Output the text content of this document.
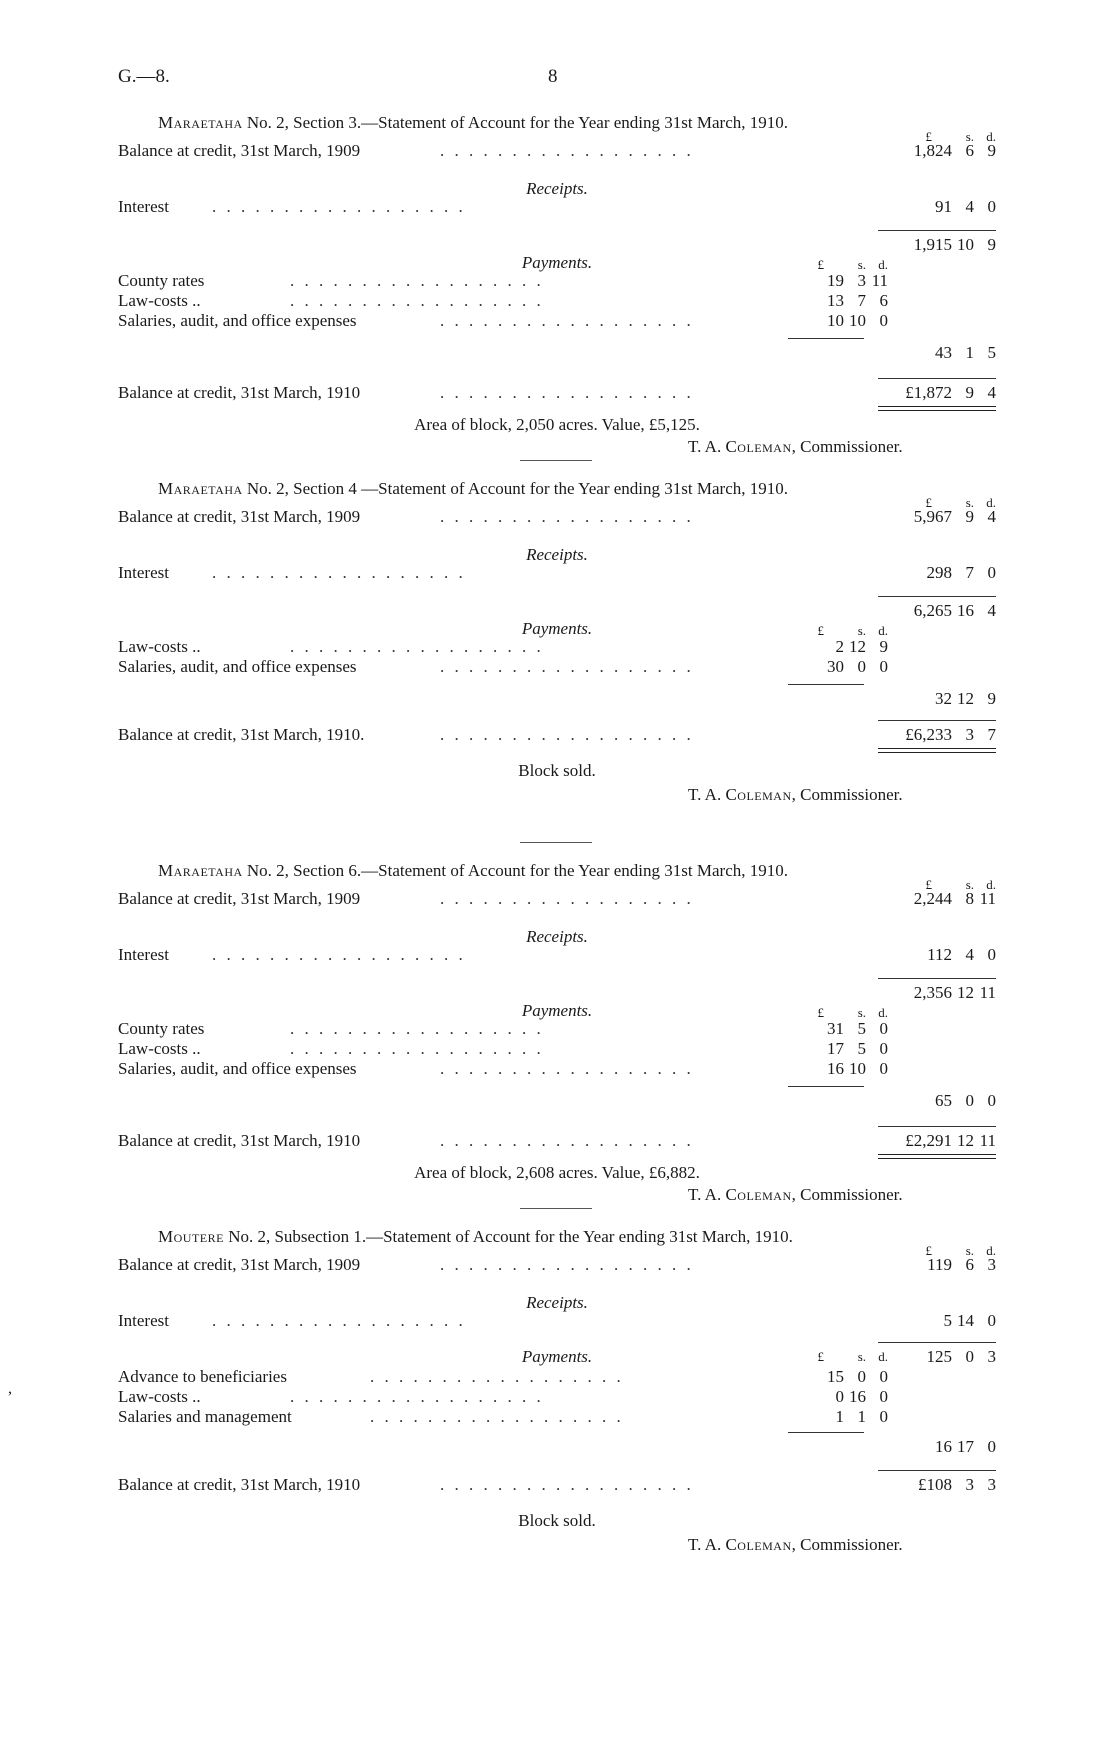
G.—8.	8
,
Maraetaha No. 2, Section 3.—Statement of Account for the Year ending 31st March, 1910.
£	s. d.
Balance at credit, 31st March, 1909	. . . . . . . . . . . . . . . . . .	1,824 6 9
Receipts.
Interest	. . . . . . . . . . . . . . . . . .	91 4 0
1,915 10 9
Payments.	£	s. d.
County rates	. . . . . . . . . . . . . . . . . .	19 3 11
Law-costs ..	. . . . . . . . . . . . . . . . . .	13 7 6
Salaries, audit, and office expenses	. . . . . . . . . . . . . . . . . .	10 10 0
43 1 5
Balance at credit, 31st March, 1910	. . . . . . . . . . . . . . . . . .	£1,872 9 4
Area of block, 2,050 acres. Value, £5,125.
T. A. Coleman, Commissioner.
Maraetaha No. 2, Section 4 —Statement of Account for the Year ending 31st March, 1910.
£	s. d.
Balance at credit, 31st March, 1909	. . . . . . . . . . . . . . . . . .	5,967 9 4
Receipts.
Interest	. . . . . . . . . . . . . . . . . .	298 7 0
6,265 16 4
Payments.	£	s. d.
Law-costs ..	. . . . . . . . . . . . . . . . . .	2 12 9
Salaries, audit, and office expenses	. . . . . . . . . . . . . . . . . .	30 0 0
32 12 9
Balance at credit, 31st March, 1910.	. . . . . . . . . . . . . . . . . .	£6,233 3 7
Block sold.
T. A. Coleman, Commissioner.
Maraetaha No. 2, Section 6.—Statement of Account for the Year ending 31st March, 1910.
£	s. d.
Balance at credit, 31st March, 1909	. . . . . . . . . . . . . . . . . .	2,244 8 11
Receipts.
Interest	. . . . . . . . . . . . . . . . . .	112 4 0
2,356 12 11
Payments.	£	s. d.
County rates	. . . . . . . . . . . . . . . . . .	31 5 0
Law-costs ..	. . . . . . . . . . . . . . . . . .	17 5 0
Salaries, audit, and office expenses	. . . . . . . . . . . . . . . . . .	16 10 0
65 0 0
Balance at credit, 31st March, 1910	. . . . . . . . . . . . . . . . . .	£2,291 12 11
Area of block, 2,608 acres. Value, £6,882.
T. A. Coleman, Commissioner.
Moutere No. 2, Subsection 1.—Statement of Account for the Year ending 31st March, 1910.
£	s. d.
Balance at credit, 31st March, 1909	. . . . . . . . . . . . . . . . . .	119 6 3
Receipts.
Interest	. . . . . . . . . . . . . . . . . .	5 14 0
Payments.	125 0 3
£	s. d.
Advance to beneficiaries	. . . . . . . . . . . . . . . . . .	15 0 0
Law-costs ..	. . . . . . . . . . . . . . . . . .	0 16 0
Salaries and management	. . . . . . . . . . . . . . . . . .	1 1 0
16 17 0
Balance at credit, 31st March, 1910	. . . . . . . . . . . . . . . . . .	£108 3 3
Block sold.
T. A. Coleman, Commissioner.
